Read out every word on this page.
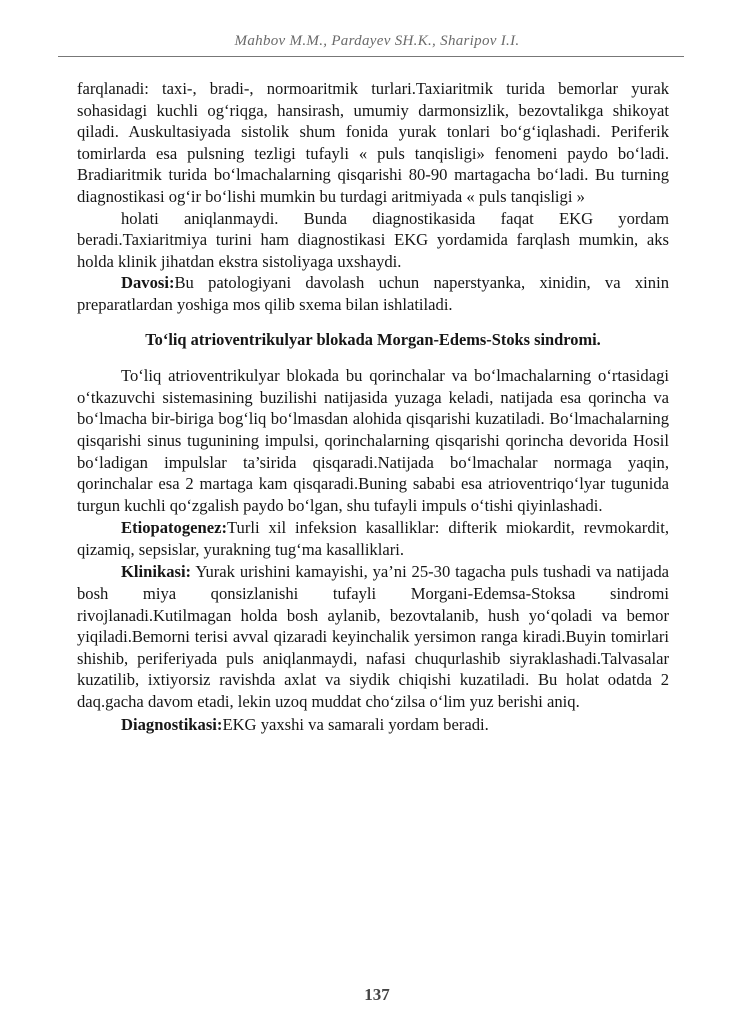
Mahbov M.M., Pardayev SH.K., Sharipov I.I.

farqlanadi: taxi-, bradi-, normoaritmik turlari.Taxiaritmik turida bemorlar yurak sohasidagi kuchli og‘riqga, hansirash, umumiy darmonsizlik, bezovtalikga shikoyat qiladi. Auskultasiyada sistolik shum fonida yurak tonlari bo‘g‘iqlashadi. Periferik tomirlarda esa pulsning tezligi tufayli « puls tanqisligi» fenomeni paydo bo‘ladi. Bradiaritmik turida bo‘lmachalarning qisqarishi 80-90 martagacha bo‘ladi. Bu turning diagnostikasi og‘ir bo‘lishi mumkin bu turdagi aritmiyada « puls tanqisligi »

holati aniqlanmaydi. Bunda diagnostikasida faqat EKG yordam beradi.Taxiaritmiya turini ham diagnostikasi EKG yordamida farqlash mumkin, aks holda klinik jihatdan ekstra sistoliyaga uxshaydi.

Davosi:Bu patologiyani davolash uchun naperstyanka, xinidin, va xinin preparatlardan yoshiga mos qilib sxema bilan ishlatiladi.

To‘liq atrioventrikulyar blokada Morgan-Edems-Stoks sindromi.

To‘liq atrioventrikulyar blokada bu qorinchalar va bo‘lmachalarning o‘rtasidagi o‘tkazuvchi sistemasining buzilishi natijasida yuzaga keladi, natijada esa qorincha va bo‘lmacha bir-biriga bog‘liq bo‘lmasdan alohida qisqarishi kuzatiladi. Bo‘lmachalarning qisqarishi sinus tugunining impulsi, qorinchalarning qisqarishi qorincha devorida Hosil bo‘ladigan impulslar ta’sirida qisqaradi.Natijada bo‘lmachalar normaga yaqin, qorinchalar esa 2 martaga kam qisqaradi.Buning sababi esa atrioventriqo‘lyar tugunida turgun kuchli qo‘zgalish paydo bo‘lgan, shu tufayli impuls o‘tishi qiyinlashadi.

Etiopatogenez:Turli xil infeksion kasalliklar: difterik miokardit, revmokardit, qizamiq, sepsislar, yurakning tug‘ma kasalliklari.

Klinikasi: Yurak urishini kamayishi, ya’ni 25-30 tagacha puls tushadi va natijada bosh miya qonsizlanishi tufayli Morgani-Edemsa-Stoksa sindromi rivojlanadi.Kutilmagan holda bosh aylanib, bezovtalanib, hush yo‘qoladi va bemor yiqiladi.Bemorni terisi avval qizaradi keyinchalik yersimon ranga kiradi.Buyin tomirlari shishib, periferiyada puls aniqlanmaydi, nafasi chuqurlashib siyraklashadi.Talvasalar kuzatilib, ixtiyorsiz ravishda axlat va siydik chiqishi kuzatiladi. Bu holat odatda 2 daq.gacha davom etadi, lekin uzoq muddat cho‘zilsa o‘lim yuz berishi aniq.

Diagnostikasi:EKG yaxshi va samarali yordam beradi.

137
